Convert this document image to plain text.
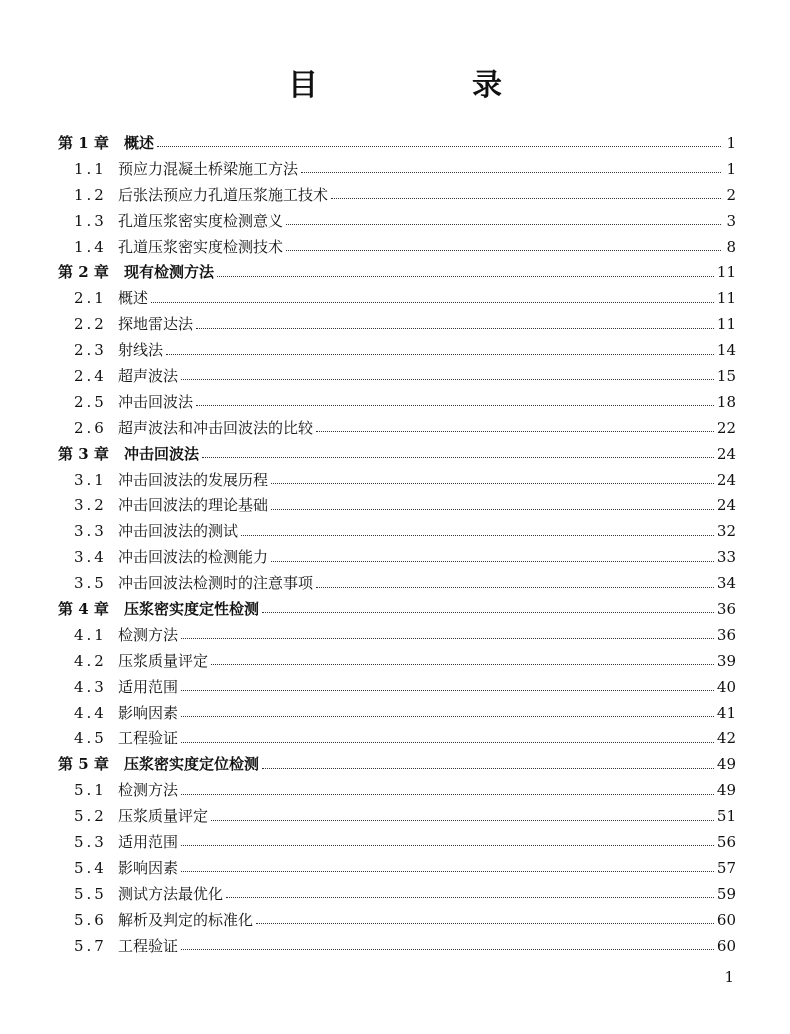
目　录
第 1 章	概述	1
1.1 预应力混凝土桥梁施工方法	1
1.2 后张法预应力孔道压浆施工技术	2
1.3 孔道压浆密实度检测意义	3
1.4 孔道压浆密实度检测技术	8
第 2 章	现有检测方法	11
2.1 概述	11
2.2 探地雷达法	11
2.3 射线法	14
2.4 超声波法	15
2.5 冲击回波法	18
2.6 超声波法和冲击回波法的比较	22
第 3 章	冲击回波法	24
3.1 冲击回波法的发展历程	24
3.2 冲击回波法的理论基础	24
3.3 冲击回波法的测试	32
3.4 冲击回波法的检测能力	33
3.5 冲击回波法检测时的注意事项	34
第 4 章	压浆密实度定性检测	36
4.1 检测方法	36
4.2 压浆质量评定	39
4.3 适用范围	40
4.4 影响因素	41
4.5 工程验证	42
第 5 章	压浆密实度定位检测	49
5.1 检测方法	49
5.2 压浆质量评定	51
5.3 适用范围	56
5.4 影响因素	57
5.5 测试方法最优化	59
5.6 解析及判定的标准化	60
5.7 工程验证	60
1
